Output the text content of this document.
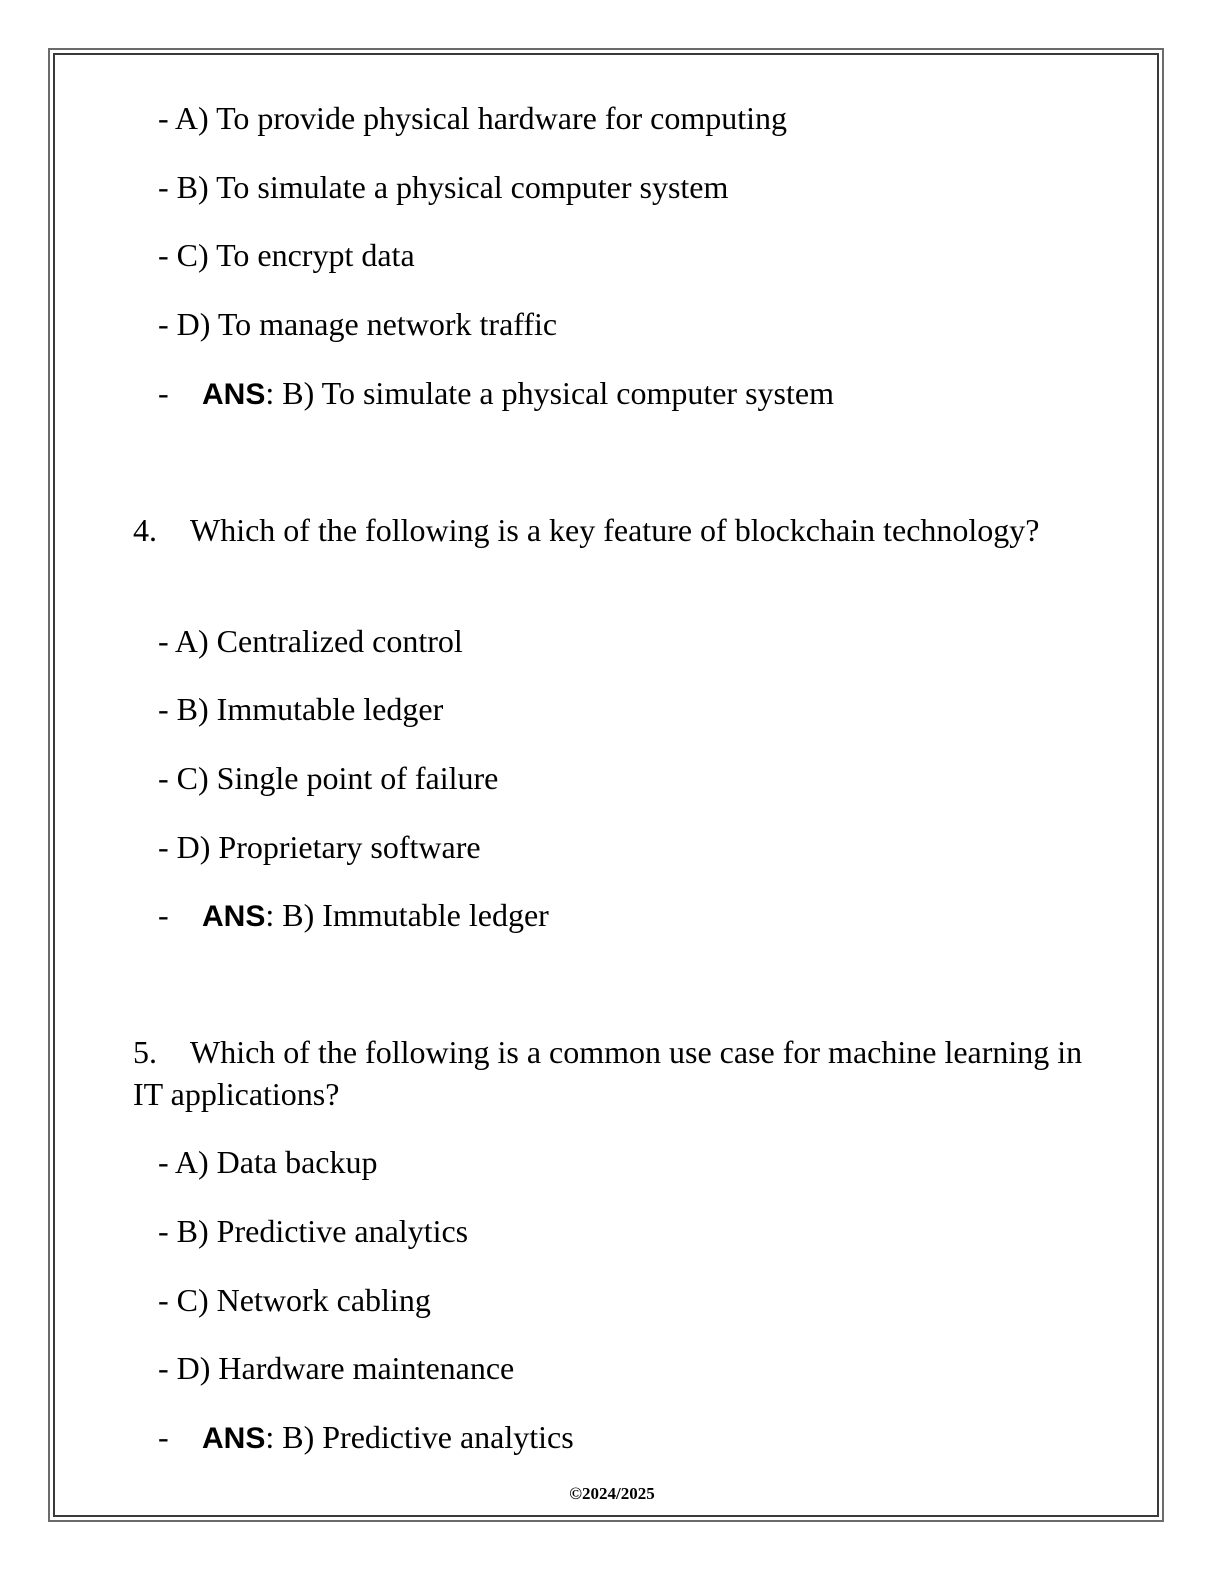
- A) To provide physical hardware for computing
- B) To simulate a physical computer system
- C) To encrypt data
- D) To manage network traffic
- ANS: B) To simulate a physical computer system
4. Which of the following is a key feature of blockchain technology?
- A) Centralized control
- B) Immutable ledger
- C) Single point of failure
- D) Proprietary software
- ANS: B) Immutable ledger
5. Which of the following is a common use case for machine learning in IT applications?
- A) Data backup
- B) Predictive analytics
- C) Network cabling
- D) Hardware maintenance
- ANS: B) Predictive analytics
©2024/2025
